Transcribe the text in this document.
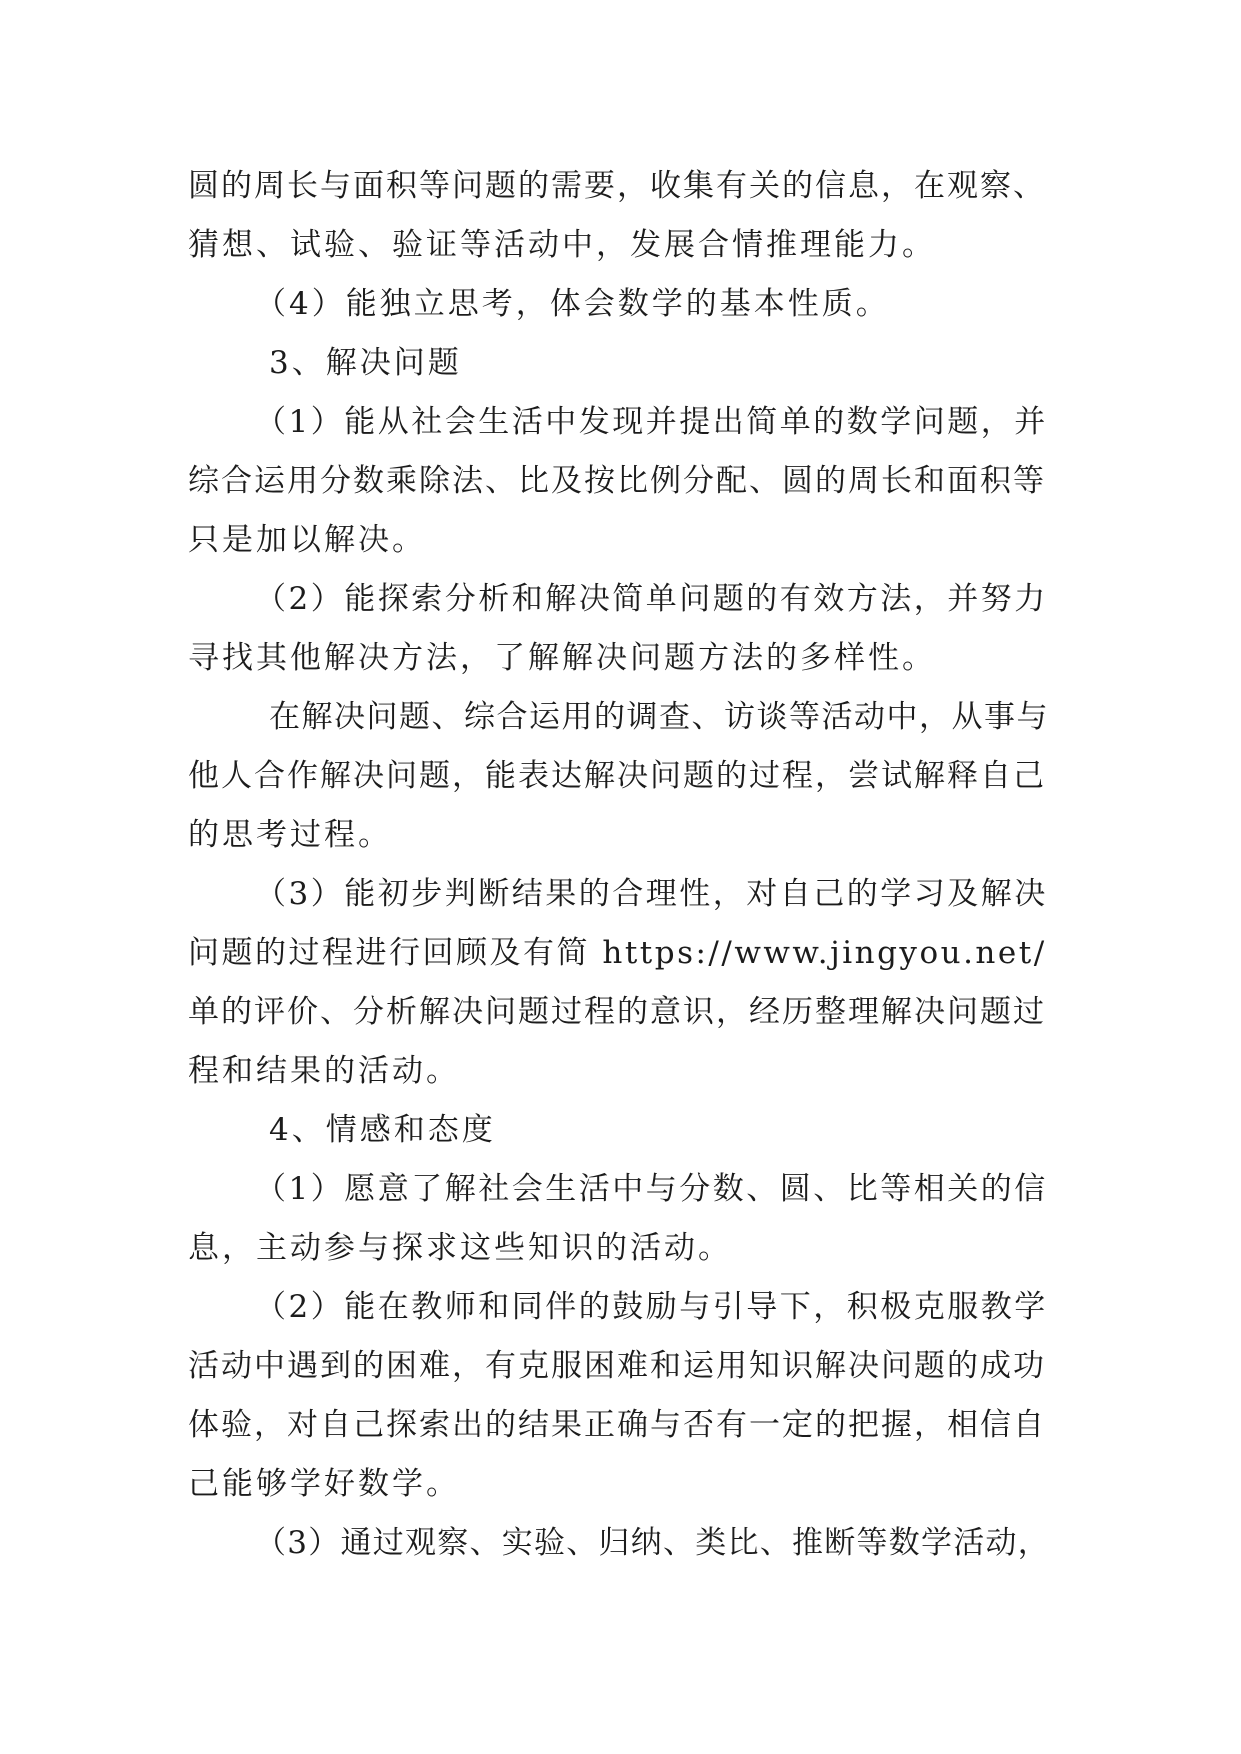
圆的周长与面积等问题的需要，收集有关的信息，在观察、

猜想、试验、验证等活动中，发展合情推理能力。

（4）能独立思考，体会数学的基本性质。

3、解决问题

（1）能从社会生活中发现并提出简单的数学问题，并

综合运用分数乘除法、比及按比例分配、圆的周长和面积等

只是加以解决。

（2）能探索分析和解决简单问题的有效方法，并努力

寻找其他解决方法，了解解决问题方法的多样性。

在解决问题、综合运用的调查、访谈等活动中，从事与

他人合作解决问题，能表达解决问题的过程，尝试解释自己

的思考过程。

（3）能初步判断结果的合理性，对自己的学习及解决

问题的过程进行回顾及有简 https://www.jingyou.net/

单的评价、分析解决问题过程的意识，经历整理解决问题过

程和结果的活动。

4、情感和态度

（1）愿意了解社会生活中与分数、圆、比等相关的信

息，主动参与探求这些知识的活动。

（2）能在教师和同伴的鼓励与引导下，积极克服教学

活动中遇到的困难，有克服困难和运用知识解决问题的成功

体验，对自己探索出的结果正确与否有一定的把握，相信自

己能够学好数学。

（3）通过观察、实验、归纳、类比、推断等数学活动，
